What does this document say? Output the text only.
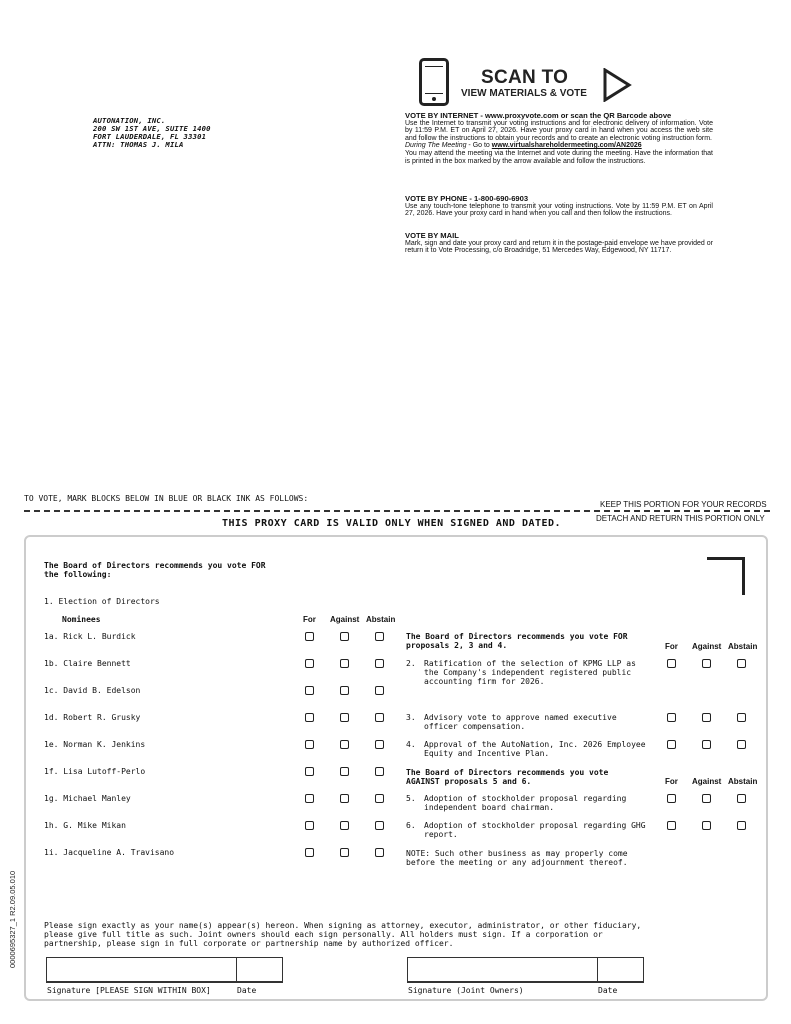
AUTONATION, INC.
200 SW 1ST AVE, SUITE 1400
FORT LAUDERDALE, FL 33301
ATTN: THOMAS J. MILA
SCAN TO
VIEW MATERIALS & VOTE
VOTE BY INTERNET - www.proxyvote.com or scan the QR Barcode above

Use the Internet to transmit your voting instructions and for electronic delivery of information. Vote by 11:59 P.M. ET on April 27, 2026. Have your proxy card in hand when you access the web site and follow the instructions to obtain your records and to create an electronic voting instruction form.

During The Meeting - Go to www.virtualshareholdermeeting.com/AN2026

You may attend the meeting via the Internet and vote during the meeting. Have the information that is printed in the box marked by the arrow available and follow the instructions.

VOTE BY PHONE - 1-800-690-6903

Use any touch-tone telephone to transmit your voting instructions. Vote by 11:59 P.M. ET on April 27, 2026. Have your proxy card in hand when you call and then follow the instructions.

VOTE BY MAIL

Mark, sign and date your proxy card and return it in the postage-paid envelope we have provided or return it to Vote Processing, c/o Broadridge, 51 Mercedes Way, Edgewood, NY 11717.

TO VOTE, MARK BLOCKS BELOW IN BLUE OR BLACK INK AS FOLLOWS:
KEEP THIS PORTION FOR YOUR RECORDS
DETACH AND RETURN THIS PORTION ONLY
THIS PROXY CARD IS VALID ONLY WHEN SIGNED AND DATED.
The Board of Directors recommends you vote FOR
the following:
1. Election of Directors
Nominees	For Against Abstain
1a. Rick L. Burdick
1b. Claire Bennett
1c. David B. Edelson
1d. Robert R. Grusky
1e. Norman K. Jenkins
1f. Lisa Lutoff-Perlo
1g. Michael Manley
1h. G. Mike Mikan
1i. Jacqueline A. Travisano
The Board of Directors recommends you vote FOR
proposals 2, 3 and 4.	For Against Abstain
2. Ratification of the selection of KPMG LLP as
the Company's independent registered public
accounting firm for 2026.
3. Advisory vote to approve named executive
officer compensation.
4. Approval of the AutoNation, Inc. 2026 Employee
Equity and Incentive Plan.
5. Adoption of stockholder proposal regarding
independent board chairman.
6. Adoption of stockholder proposal regarding GHG
report.
The Board of Directors recommends you vote
AGAINST proposals 5 and 6.	For Against Abstain
NOTE: Such other business as may properly come
before the meeting or any adjournment thereof.
Please sign exactly as your name(s) appear(s) hereon. When signing as attorney, executor, administrator, or other fiduciary,
please give full title as such. Joint owners should each sign personally. All holders must sign. If a corporation or
partnership, please sign in full corporate or partnership name by authorized officer.
Signature [PLEASE SIGN WITHIN BOX]	Date	Signature (Joint Owners)	Date
0000695327_1 R2.09.05.010
